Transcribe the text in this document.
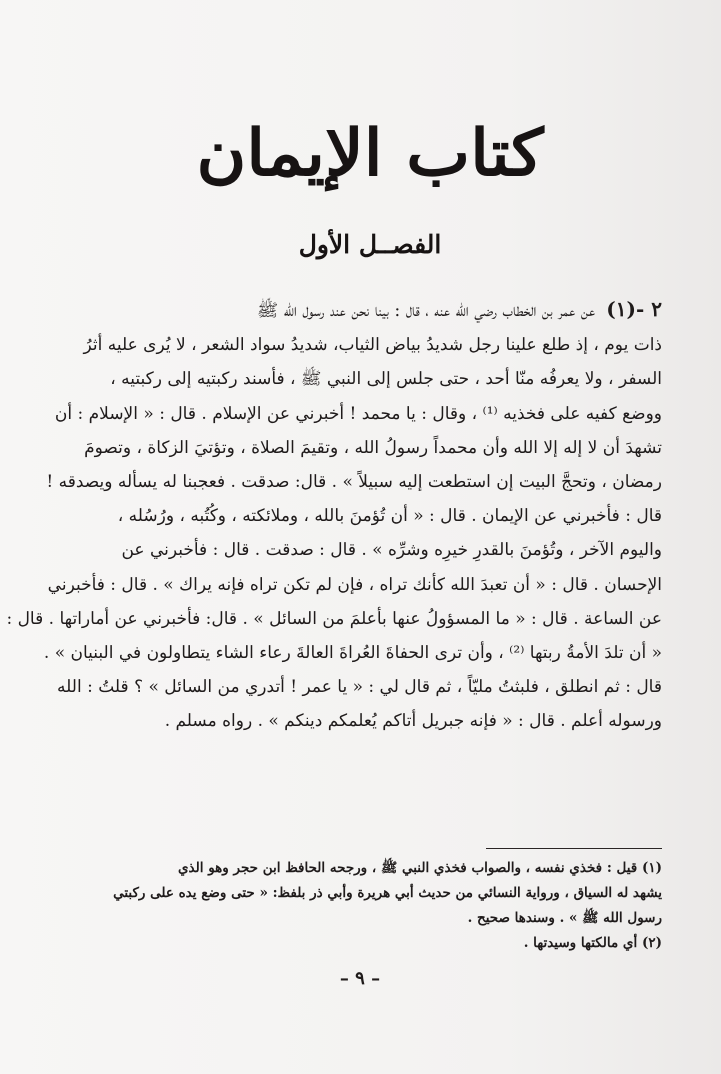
كتاب الإيمان
الفصــل الأول

٢ -(١)  عن عمر بن الخطاب رضي الله عنه ، قال : بينا نحن عند رسول الله ﷺ

ذات يوم ، إذ طلع علينا رجل شديدُ بياض الثياب، شديدُ سواد الشعر ، لا يُرى عليه أثرُ

السفر ، ولا يعرفُه منّا أحد ، حتى جلس إلى النبي ﷺ ، فأسند ركبتيه إلى ركبتيه ،

ووضع كفيه على فخذيه ⁽¹⁾ ، وقال : يا محمد ! أخبرني عن الإسلام . قال : « الإسلام : أن

تشهدَ أن لا إله إلا الله وأن محمداً رسولُ الله ، وتقيمَ الصلاة ، وتؤتيَ الزكاة ، وتصومَ

رمضان ، وتحجَّ البيت إن استطعت إليه سبيلاً » . قال: صدقت . فعجبنا له يسأله ويصدقه !

قال : فأخبرني عن الإيمان . قال : « أن تُؤمنَ بالله ، وملائكته ، وكُتُبه ، ورُسُله ،

واليوم الآخر ، وتُؤمنَ بالقدرِ خيرِه وشرِّه » . قال : صدقت . قال : فأخبرني عن

الإحسان . قال : « أن تعبدَ الله كأنك تراه ، فإن لم تكن تراه فإنه يراك » . قال : فأخبرني

عن الساعة . قال : « ما المسؤولُ عنها بأعلمَ من السائل » . قال: فأخبرني عن أماراتها . قال :

« أن تلدَ الأمةُ ربتها ⁽²⁾ ، وأن ترى الحفاةَ العُراةَ العالةَ رعاء الشاء يتطاولون في البنيان » .

قال : ثم انطلق ، فلبثتُ مليّاً ، ثم قال لي : « يا عمر ! أتدري من السائل » ؟ قلتُ : الله

ورسوله أعلم . قال : « فإنه جبريل أتاكم يُعلمكم دينكم » . رواه مسلم .

(١) قيل : فخذي نفسه ، والصواب فخذي النبي ﷺ ، ورجحه الحافظ ابن حجر وهو الذي

يشهد له السياق ، ورواية النسائي من حديث أبي هريرة وأبي ذر بلفظ: « حتى وضع يده على ركبتي

رسول الله ﷺ » . وسندها صحيح .

(٢) أي مالكتها وسيدتها .

– ٩ –
